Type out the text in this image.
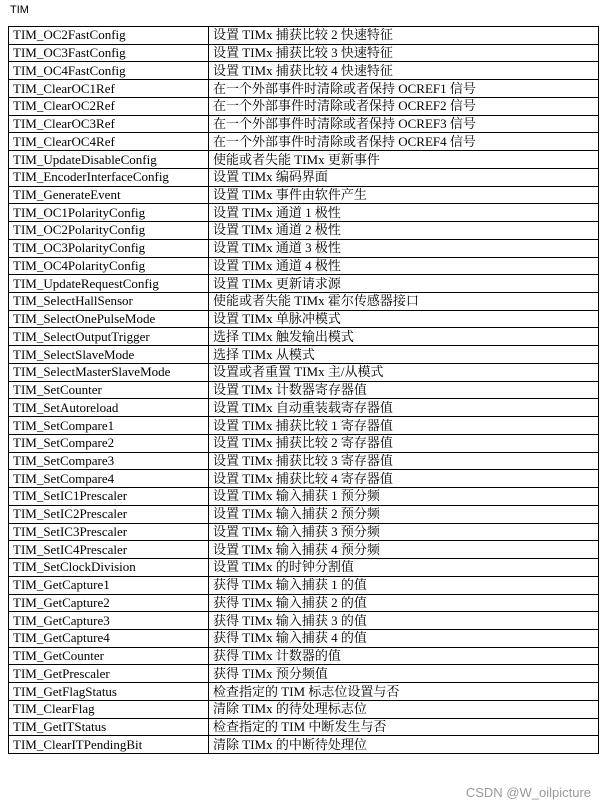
TIM
TIM_OC2FastConfig	设置 TIMx 捕获比较 2 快速特征
TIM_OC3FastConfig	设置 TIMx 捕获比较 3 快速特征
TIM_OC4FastConfig	设置 TIMx 捕获比较 4 快速特征
TIM_ClearOC1Ref	在一个外部事件时清除或者保持 OCREF1 信号
TIM_ClearOC2Ref	在一个外部事件时清除或者保持 OCREF2 信号
TIM_ClearOC3Ref	在一个外部事件时清除或者保持 OCREF3 信号
TIM_ClearOC4Ref	在一个外部事件时清除或者保持 OCREF4 信号
TIM_UpdateDisableConfig	使能或者失能 TIMx 更新事件
TIM_EncoderInterfaceConfig	设置 TIMx 编码界面
TIM_GenerateEvent	设置 TIMx 事件由软件产生
TIM_OC1PolarityConfig	设置 TIMx 通道 1 极性
TIM_OC2PolarityConfig	设置 TIMx 通道 2 极性
TIM_OC3PolarityConfig	设置 TIMx 通道 3 极性
TIM_OC4PolarityConfig	设置 TIMx 通道 4 极性
TIM_UpdateRequestConfig	设置 TIMx 更新请求源
TIM_SelectHallSensor	使能或者失能 TIMx 霍尔传感器接口
TIM_SelectOnePulseMode	设置 TIMx 单脉冲模式
TIM_SelectOutputTrigger	选择 TIMx 触发输出模式
TIM_SelectSlaveMode	选择 TIMx 从模式
TIM_SelectMasterSlaveMode	设置或者重置 TIMx 主/从模式
TIM_SetCounter	设置 TIMx 计数器寄存器值
TIM_SetAutoreload	设置 TIMx 自动重装载寄存器值
TIM_SetCompare1	设置 TIMx 捕获比较 1 寄存器值
TIM_SetCompare2	设置 TIMx 捕获比较 2 寄存器值
TIM_SetCompare3	设置 TIMx 捕获比较 3 寄存器值
TIM_SetCompare4	设置 TIMx 捕获比较 4 寄存器值
TIM_SetIC1Prescaler	设置 TIMx 输入捕获 1 预分频
TIM_SetIC2Prescaler	设置 TIMx 输入捕获 2 预分频
TIM_SetIC3Prescaler	设置 TIMx 输入捕获 3 预分频
TIM_SetIC4Prescaler	设置 TIMx 输入捕获 4 预分频
TIM_SetClockDivision	设置 TIMx 的时钟分割值
TIM_GetCapture1	获得 TIMx 输入捕获 1 的值
TIM_GetCapture2	获得 TIMx 输入捕获 2 的值
TIM_GetCapture3	获得 TIMx 输入捕获 3 的值
TIM_GetCapture4	获得 TIMx 输入捕获 4 的值
TIM_GetCounter	获得 TIMx 计数器的值
TIM_GetPrescaler	获得 TIMx 预分频值
TIM_GetFlagStatus	检查指定的 TIM 标志位设置与否
TIM_ClearFlag	清除 TIMx 的待处理标志位
TIM_GetITStatus	检查指定的 TIM 中断发生与否
TIM_ClearITPendingBit	清除 TIMx 的中断待处理位
CSDN @W_oilpicture
